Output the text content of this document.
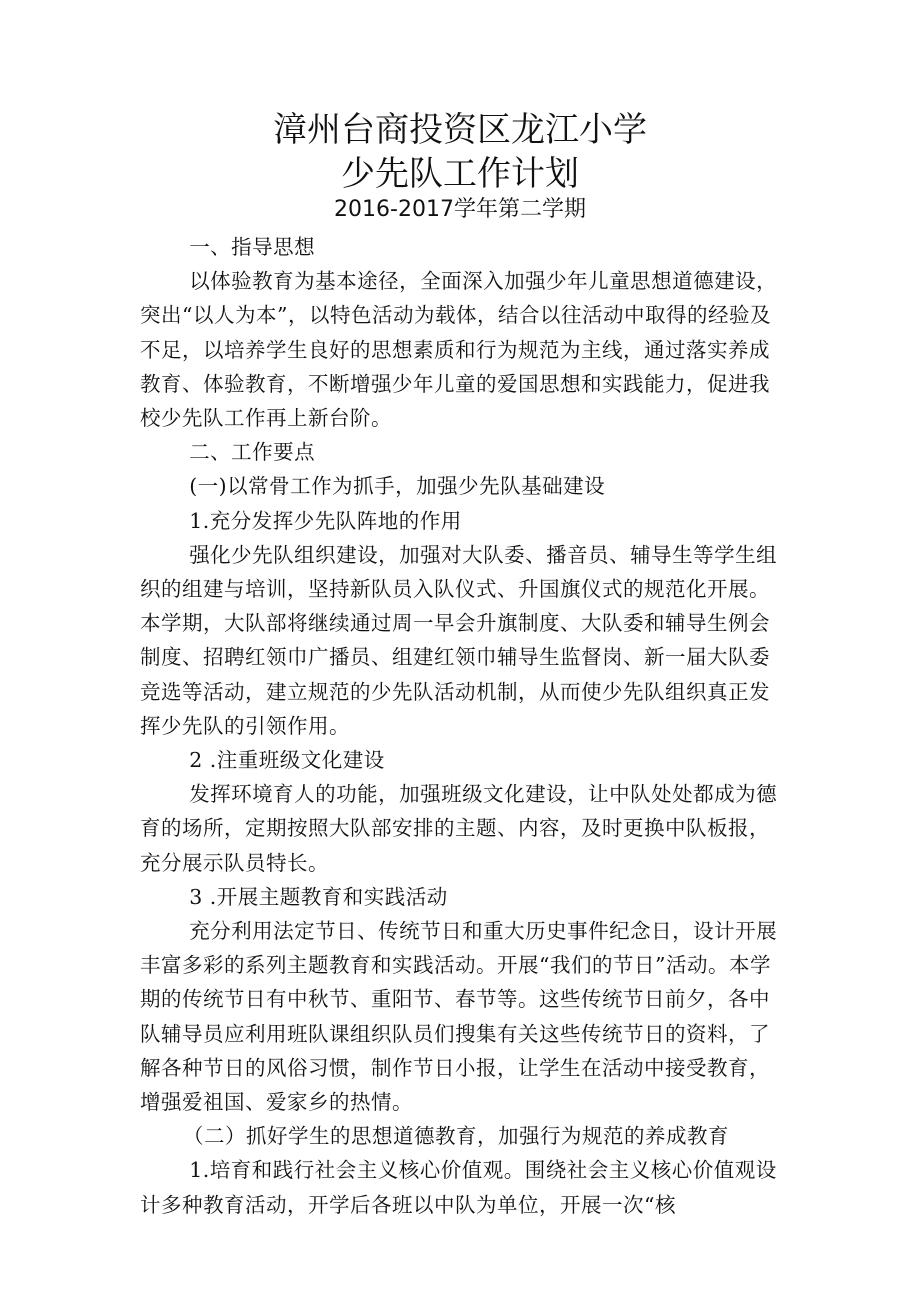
漳州台商投资区龙江小学
少先队工作计划
2016-2017学年第二学期

一、指导思想

以体验教育为基本途径，全面深入加强少年儿童思想道德建设，突出“以人为本”，以特色活动为载体，结合以往活动中取得的经验及不足，以培养学生良好的思想素质和行为规范为主线，通过落实养成教育、体验教育，不断增强少年儿童的爱国思想和实践能力，促进我校少先队工作再上新台阶。

二、工作要点

(一)以常骨工作为抓手，加强少先队基础建设

1.充分发挥少先队阵地的作用

强化少先队组织建设，加强对大队委、播音员、辅导生等学生组织的组建与培训，坚持新队员入队仪式、升国旗仪式的规范化开展。本学期，大队部将继续通过周一早会升旗制度、大队委和辅导生例会制度、招聘红领巾广播员、组建红领巾辅导生监督岗、新一届大队委竞选等活动，建立规范的少先队活动机制，从而使少先队组织真正发挥少先队的引领作用。

2 .注重班级文化建设

发挥环境育人的功能，加强班级文化建设，让中队处处都成为德育的场所，定期按照大队部安排的主题、内容，及时更换中队板报，充分展示队员特长。

3 .开展主题教育和实践活动

充分利用法定节日、传统节日和重大历史事件纪念日，设计开展丰富多彩的系列主题教育和实践活动。开展“我们的节日”活动。本学期的传统节日有中秋节、重阳节、春节等。这些传统节日前夕，各中队辅导员应利用班队课组织队员们搜集有关这些传统节日的资料，了解各种节日的风俗习惯，制作节日小报，让学生在活动中接受教育，增强爱祖国、爱家乡的热情。

（二）抓好学生的思想道德教育，加强行为规范的养成教育

1.培育和践行社会主义核心价值观。围绕社会主义核心价值观设计多种教育活动，开学后各班以中队为单位，开展一次“核
